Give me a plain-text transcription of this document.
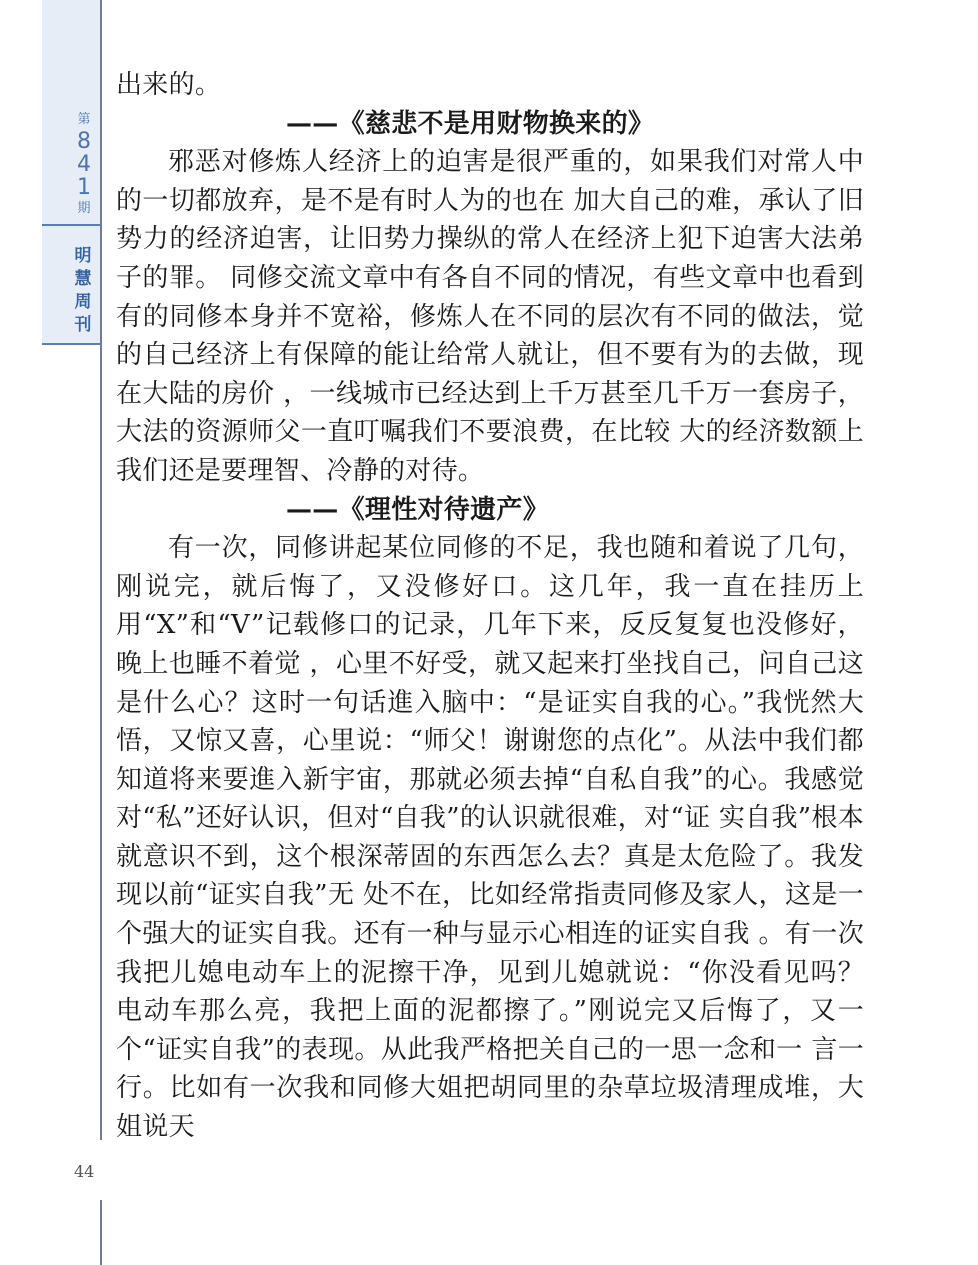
第
8
4
1
期
明
慧
周
刊
44

出来的。

——《慈悲不是用财物换来的》

邪恶对修炼人经济上的迫害是很严重的，如果我们对常人中的一切都放弃，是不是有时人为的也在 加大自己的难，承认了旧势力的经济迫害，让旧势力操纵的常人在经济上犯下迫害大法弟子的罪。 同修交流文章中有各自不同的情况，有些文章中也看到有的同修本身并不宽裕，修炼人在不同的层次有不同的做法，觉的自己经济上有保障的能让给常人就让，但不要有为的去做，现在大陆的房价 ，一线城市已经达到上千万甚至几千万一套房子，大法的资源师父一直叮嘱我们不要浪费，在比较 大的经济数额上我们还是要理智、冷静的对待。

——《理性对待遗产》

有一次，同修讲起某位同修的不足，我也随和着说了几句，刚说完，就后悔了，又没修好口。这几年，我一直在挂历上用“X”和“V”记载修口的记录，几年下来，反反复复也没修好，晚上也睡不着觉 ，心里不好受，就又起来打坐找自己，问自己这是什么心？这时一句话進入脑中：“是证实自我的心。”我恍然大悟，又惊又喜，心里说：“师父！谢谢您的点化”。从法中我们都知道将来要進入新宇宙，那就必须去掉“自私自我”的心。我感觉对“私”还好认识，但对“自我”的认识就很难，对“证 实自我”根本就意识不到，这个根深蒂固的东西怎么去？真是太危险了。我发现以前“证实自我”无 处不在，比如经常指责同修及家人，这是一个强大的证实自我。还有一种与显示心相连的证实自我 。有一次我把儿媳电动车上的泥擦干净，见到儿媳就说：“你没看见吗？电动车那么亮，我把上面的泥都擦了。”刚说完又后悔了，又一个“证实自我”的表现。从此我严格把关自己的一思一念和一 言一行。比如有一次我和同修大姐把胡同里的杂草垃圾清理成堆，大姐说天
